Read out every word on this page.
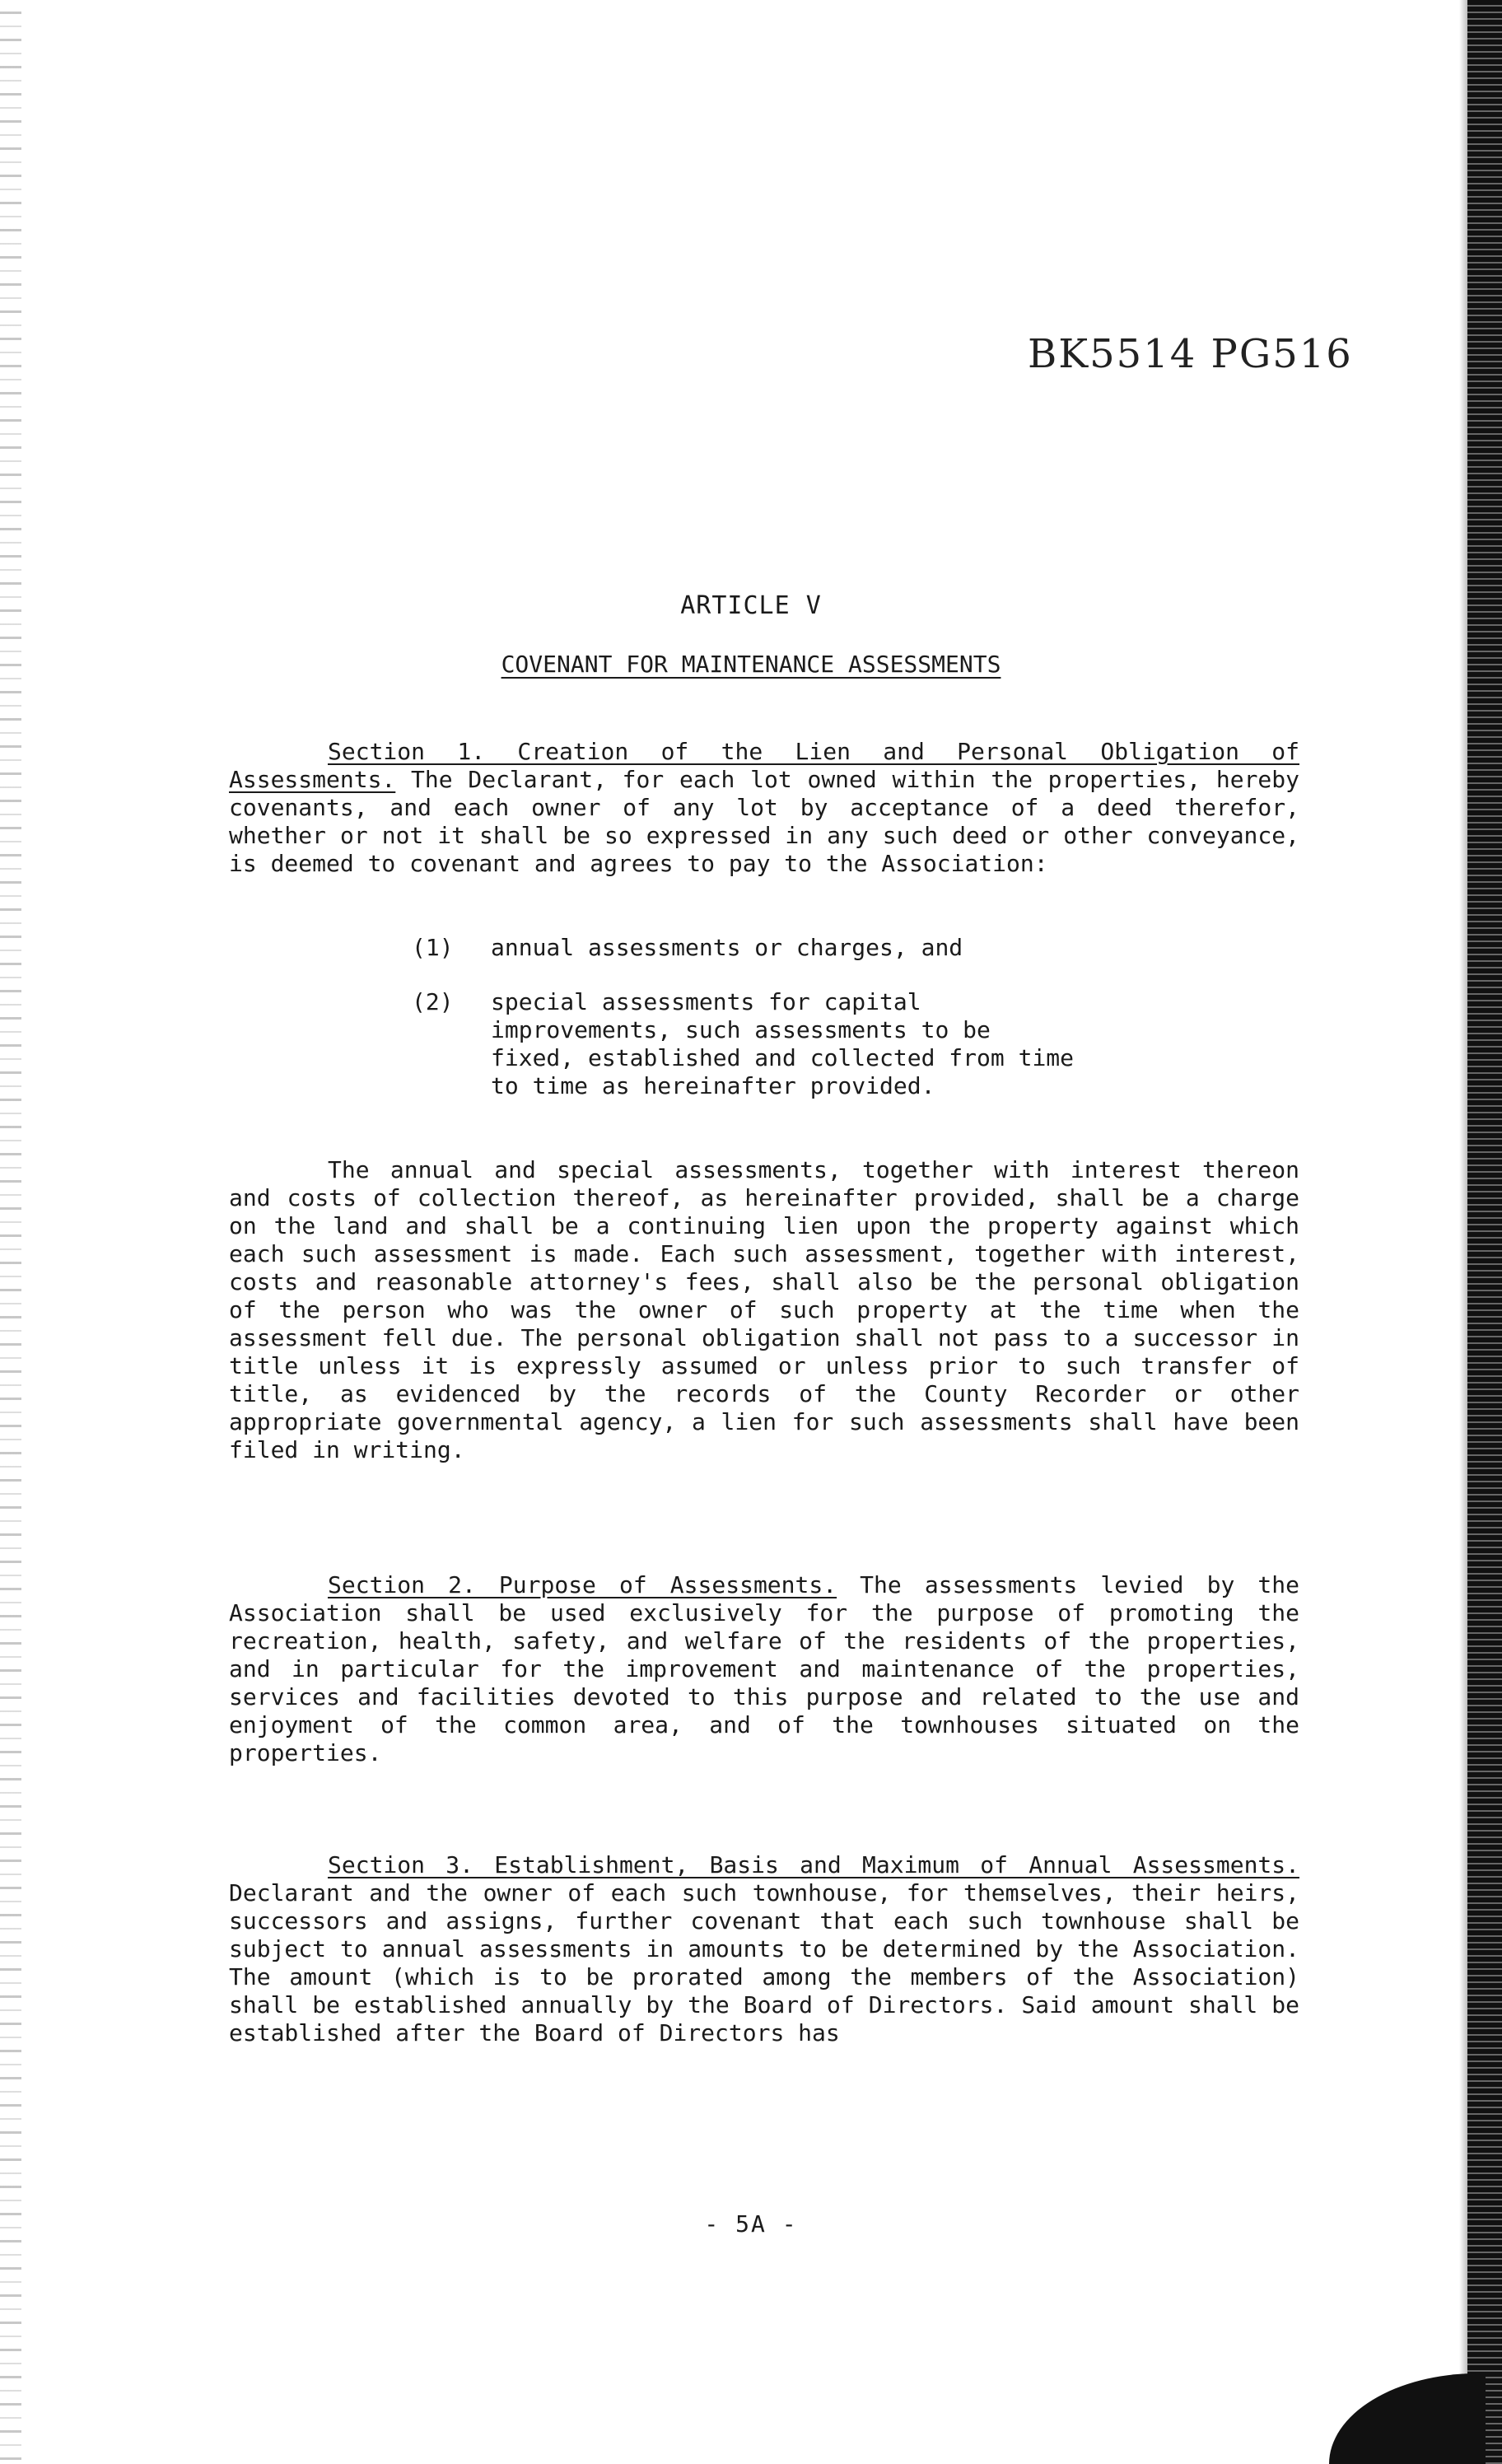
BK5514 PG516
ARTICLE V
COVENANT FOR MAINTENANCE ASSESSMENTS

Section 1. Creation of the Lien and Personal Obligation of Assessments. The Declarant, for each lot owned within the properties, hereby covenants, and each owner of any lot by acceptance of a deed therefor, whether or not it shall be so expressed in any such deed or other conveyance, is deemed to covenant and agrees to pay to the Association:

(1)	annual assessments or charges, and
(2)	special assessments for capital improvements, such assessments to be fixed, established and collected from time to time as hereinafter provided.

The annual and special assessments, together with interest thereon and costs of collection thereof, as hereinafter provided, shall be a charge on the land and shall be a continuing lien upon the property against which each such assessment is made. Each such assessment, together with interest, costs and reasonable attorney's fees, shall also be the personal obligation of the person who was the owner of such property at the time when the assessment fell due. The personal obligation shall not pass to a successor in title unless it is expressly assumed or unless prior to such transfer of title, as evidenced by the records of the County Recorder or other appropriate governmental agency, a lien for such assessments shall have been filed in writing.

Section 2. Purpose of Assessments. The assessments levied by the Association shall be used exclusively for the purpose of promoting the recreation, health, safety, and welfare of the residents of the properties, and in particular for the improvement and maintenance of the properties, services and facilities devoted to this purpose and related to the use and enjoyment of the common area, and of the townhouses situated on the properties.

Section 3. Establishment, Basis and Maximum of Annual Assessments. Declarant and the owner of each such townhouse, for themselves, their heirs, successors and assigns, further covenant that each such townhouse shall be subject to annual assessments in amounts to be determined by the Association. The amount (which is to be prorated among the members of the Association) shall be established annually by the Board of Directors. Said amount shall be established after the Board of Directors has

- 5A -
